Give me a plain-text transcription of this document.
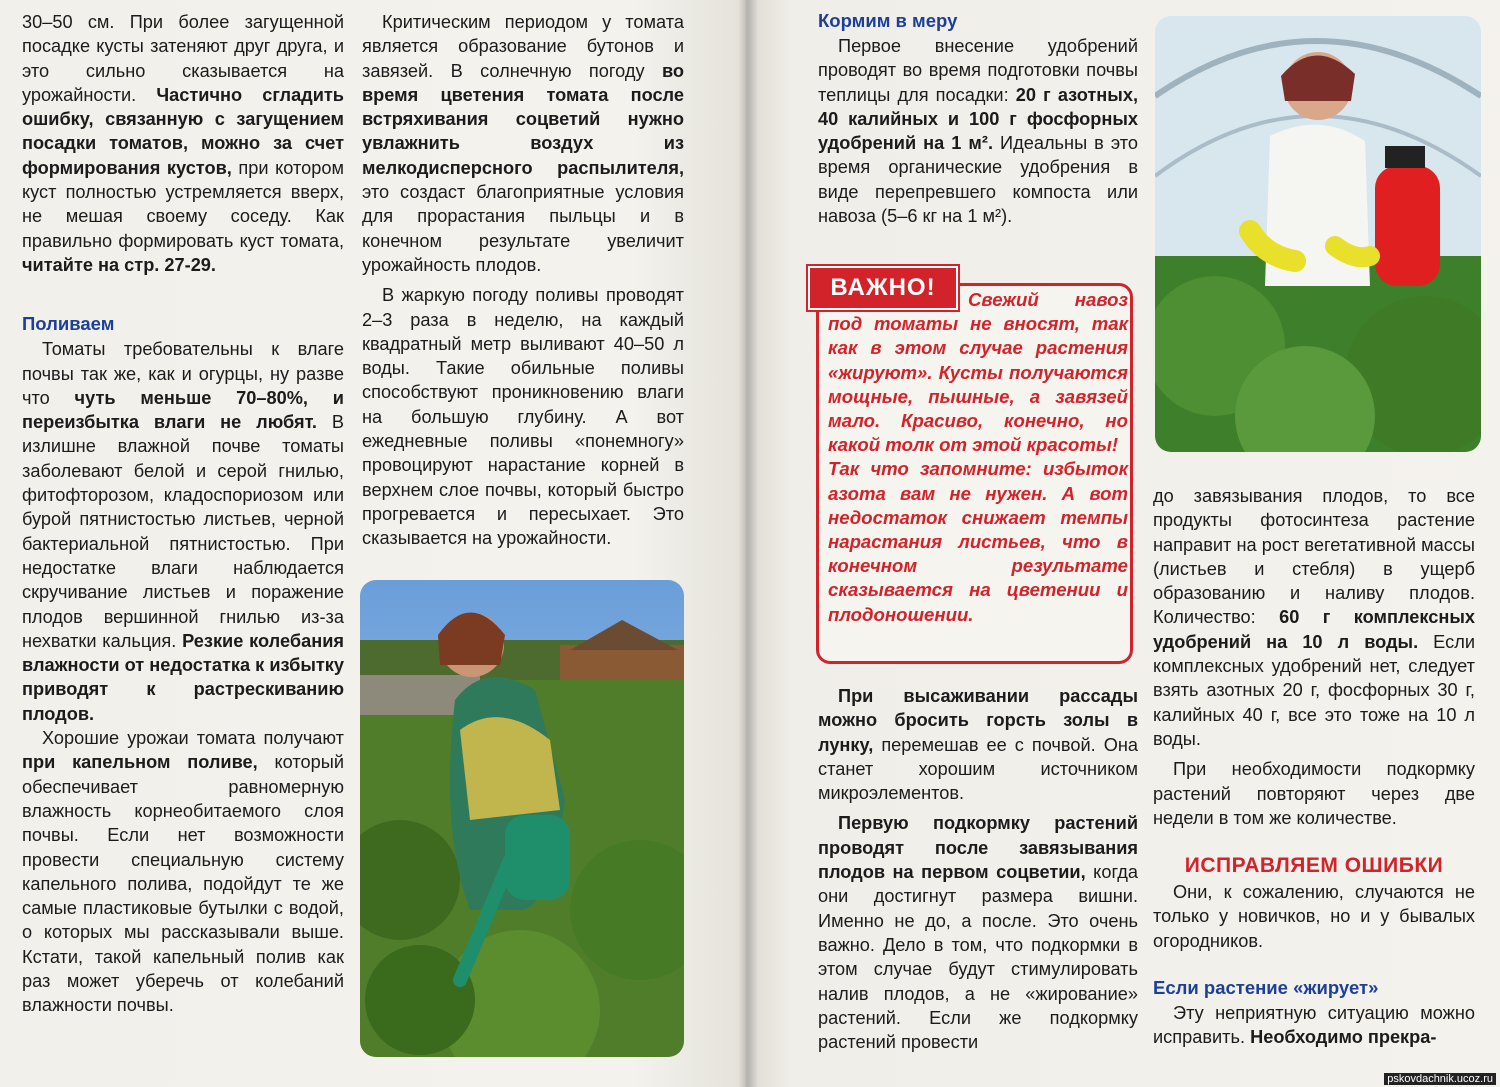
30–50 см. При более загущенной посадке кусты затеняют друг друга, и это сильно сказывается на урожайности. Частично сгладить ошибку, связанную с загущением посадки томатов, можно за счет формирования кустов, при котором куст полностью устремляется вверх, не мешая своему соседу. Как правильно формировать куст томата, читайте на стр. 27-29.

Поливаем

Томаты требовательны к влаге почвы так же, как и огурцы, ну разве что чуть меньше 70–80%, и переизбытка влаги не любят. В излишне влажной почве томаты заболевают белой и серой гнилью, фитофторозом, кладоспориозом или бурой пятнистостью листьев, черной бактериальной пятнистостью. При недостатке влаги наблюдается скручивание листьев и поражение плодов вершинной гнилью из-за нехватки кальция. Резкие колебания влажности от недостатка к избытку приводят к растрескиванию плодов.

Хорошие урожаи томата получают при капельном поливе, который обеспечивает равномерную влажность корнеобитаемого слоя почвы. Если нет возможности провести специальную систему капельного полива, подойдут те же самые пластиковые бутылки с водой, о которых мы рассказывали выше. Кстати, такой капельный полив как раз может уберечь от колебаний влажности почвы.

Критическим периодом у томата является образование бутонов и завязей. В солнечную погоду во время цветения томата после встряхивания соцветий нужно увлажнить воздух из мелкодисперсного распылителя, это создаст благоприятные условия для прорастания пыльцы и в конечном результате увеличит урожайность плодов.

В жаркую погоду поливы проводят 2–3 раза в неделю, на каждый квадратный метр выливают 40–50 л воды. Такие обильные поливы способствуют проникновению влаги на большую глубину. А вот ежедневные поливы «понемногу» провоцируют нарастание корней в верхнем слое почвы, который быстро прогревается и пересыхает. Это сказывается на урожайности.

Кормим в меру

Первое внесение удобрений проводят во время подготовки почвы теплицы для посадки: 20 г азотных, 40 калийных и 100 г фосфорных удобрений на 1 м². Идеальны в это время органические удобрения в виде перепревшего компоста или навоза (5–6 кг на 1 м²).

ВАЖНО!	Свежий навоз под томаты не вносят, так как в этом случае растения «жируют». Кусты получаются мощные, пышные, а завязей мало. Красиво, конечно, но какой толк от этой красоты!

Так что запомните: избыток азота вам не нужен. А вот недостаток снижает темпы нарастания листьев, что в конечном результате сказывается на цветении и плодоношении.

При высаживании рассады можно бросить горсть золы в лунку, перемешав ее с почвой. Она станет хорошим источником микроэлементов.

Первую подкормку растений проводят после завязывания плодов на первом соцветии, когда они достигнут размера вишни. Именно не до, а после. Это очень важно. Дело в том, что подкормки в этом случае будут стимулировать налив плодов, а не «жирование» растений. Если же подкормку растений провести

до завязывания плодов, то все продукты фотосинтеза растение направит на рост вегетативной массы (листьев и стебля) в ущерб образованию и наливу плодов. Количество: 60 г комплексных удобрений на 10 л воды. Если комплексных удобрений нет, следует взять азотных 20 г, фосфорных 30 г, калийных 40 г, все это тоже на 10 л воды.

При необходимости подкормку растений повторяют через две недели в том же количестве.

ИСПРАВЛЯЕМ ОШИБКИ

Они, к сожалению, случаются не только у новичков, но и у бывалых огородников.

Если растение «жирует»

Эту неприятную ситуацию можно исправить. Необходимо прекра-

pskovdachnik.ucoz.ru
